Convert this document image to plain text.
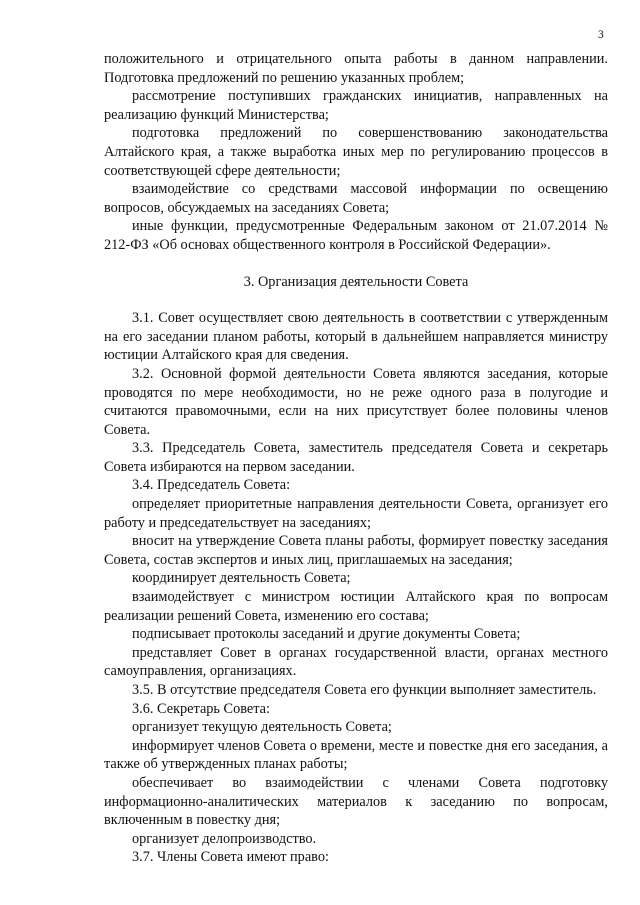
3

положительного и отрицательного опыта работы в данном направлении. Подготовка предложений по решению указанных проблем;

рассмотрение поступивших гражданских инициатив, направленных на реализацию функций Министерства;

подготовка предложений по совершенствованию законодательства Алтайского края, а также выработка иных мер по регулированию процессов в соответствующей сфере деятельности;

взаимодействие со средствами массовой информации по освещению вопросов, обсуждаемых на заседаниях Совета;

иные функции, предусмотренные Федеральным законом от 21.07.2014 № 212-ФЗ «Об основах общественного контроля в Российской Федерации».

3. Организация деятельности Совета

3.1. Совет осуществляет свою деятельность в соответствии с утвержденным на его заседании планом работы, который в дальнейшем направляется министру юстиции Алтайского края для сведения.

3.2. Основной формой деятельности Совета являются заседания, которые проводятся по мере необходимости, но не реже одного раза в полугодие и считаются правомочными, если на них присутствует более половины членов Совета.

3.3. Председатель Совета, заместитель председателя Совета и секретарь Совета избираются на первом заседании.

3.4. Председатель Совета:

определяет приоритетные направления деятельности Совета, организует его работу и председательствует на заседаниях;

вносит на утверждение Совета планы работы, формирует повестку заседания Совета, состав экспертов и иных лиц, приглашаемых на заседания;

координирует деятельность Совета;

взаимодействует с министром юстиции Алтайского края по вопросам реализации решений Совета, изменению его состава;

подписывает протоколы заседаний и другие документы Совета;

представляет Совет в органах государственной власти, органах местного самоуправления, организациях.

3.5. В отсутствие председателя Совета его функции выполняет заместитель.

3.6. Секретарь Совета:

организует текущую деятельность Совета;

информирует членов Совета о времени, месте и повестке дня его заседания, а также об утвержденных планах работы;

обеспечивает во взаимодействии с членами Совета подготовку информационно-аналитических материалов к заседанию по вопросам, включенным в повестку дня;

организует делопроизводство.

3.7. Члены Совета имеют право:
